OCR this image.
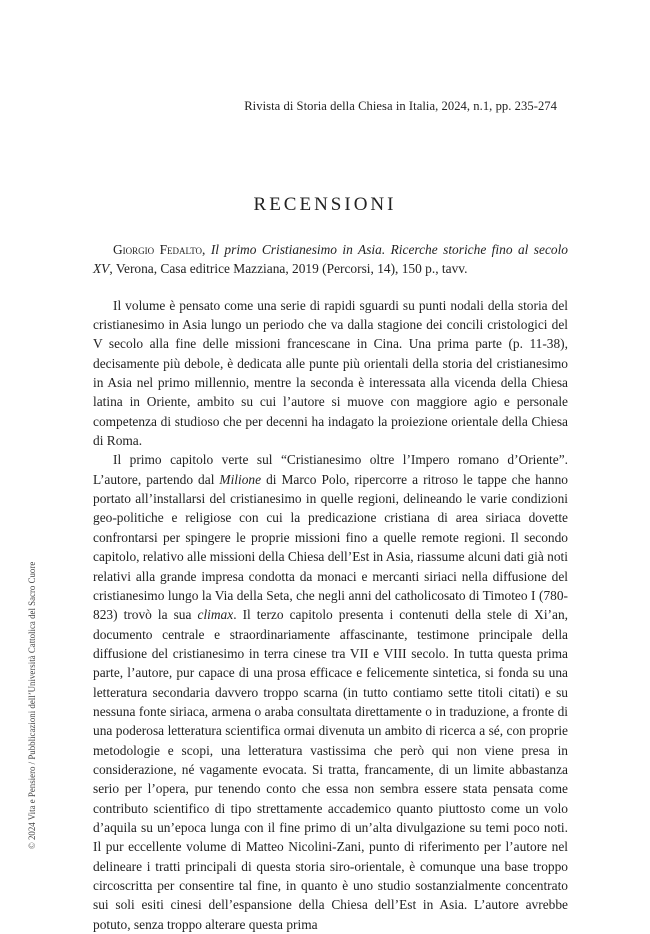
Rivista di Storia della Chiesa in Italia, 2024, n.1, pp. 235-274
RECENSIONI
© 2024 Vita e Pensiero / Pubblicazioni dell’Università Cattolica del Sacro Cuore

Giorgio Fedalto, Il primo Cristianesimo in Asia. Ricerche storiche fino al secolo XV, Verona, Casa editrice Mazziana, 2019 (Percorsi, 14), 150 p., tavv.

Il volume è pensato come una serie di rapidi sguardi su punti nodali della storia del cristianesimo in Asia lungo un periodo che va dalla stagione dei concili cristologici del V secolo alla fine delle missioni francescane in Cina. Una prima parte (p. 11-38), decisamente più debole, è dedicata alle punte più orientali della storia del cristianesimo in Asia nel primo millennio, mentre la seconda è interessata alla vicenda della Chiesa latina in Oriente, ambito su cui l’autore si muove con maggiore agio e personale competenza di studioso che per decenni ha indagato la proiezione orientale della Chiesa di Roma.

Il primo capitolo verte sul “Cristianesimo oltre l’Impero romano d’Oriente”. L’autore, partendo dal Milione di Marco Polo, ripercorre a ritroso le tappe che hanno portato all’installarsi del cristianesimo in quelle regioni, delineando le varie condizioni geo-politiche e religiose con cui la predicazione cristiana di area siriaca dovette confrontarsi per spingere le proprie missioni fino a quelle remote regioni. Il secondo capitolo, relativo alle missioni della Chiesa dell’Est in Asia, riassume alcuni dati già noti relativi alla grande impresa condotta da monaci e mercanti siriaci nella diffusione del cristianesimo lungo la Via della Seta, che negli anni del catholicosato di Timoteo I (780-823) trovò la sua climax. Il terzo capitolo presenta i contenuti della stele di Xi’an, documento centrale e straordinariamente affascinante, testimone principale della diffusione del cristianesimo in terra cinese tra VII e VIII secolo. In tutta questa prima parte, l’autore, pur capace di una prosa efficace e felicemente sintetica, si fonda su una letteratura secondaria davvero troppo scarna (in tutto contiamo sette titoli citati) e su nessuna fonte siriaca, armena o araba consultata direttamente o in traduzione, a fronte di una poderosa letteratura scientifica ormai divenuta un ambito di ricerca a sé, con proprie metodologie e scopi, una letteratura vastissima che però qui non viene presa in considerazione, né vagamente evocata. Si tratta, francamente, di un limite abbastanza serio per l’opera, pur tenendo conto che essa non sembra essere stata pensata come contributo scientifico di tipo strettamente accademico quanto piuttosto come un volo d’aquila su un’epoca lunga con il fine primo di un’alta divulgazione su temi poco noti. Il pur eccellente volume di Matteo Nicolini-Zani, punto di riferimento per l’autore nel delineare i tratti principali di questa storia siro-orientale, è comunque una base troppo circoscritta per consentire tal fine, in quanto è uno studio sostanzialmente concentrato sui soli esiti cinesi dell’espansione della Chiesa dell’Est in Asia. L’autore avrebbe potuto, senza troppo alterare questa prima
